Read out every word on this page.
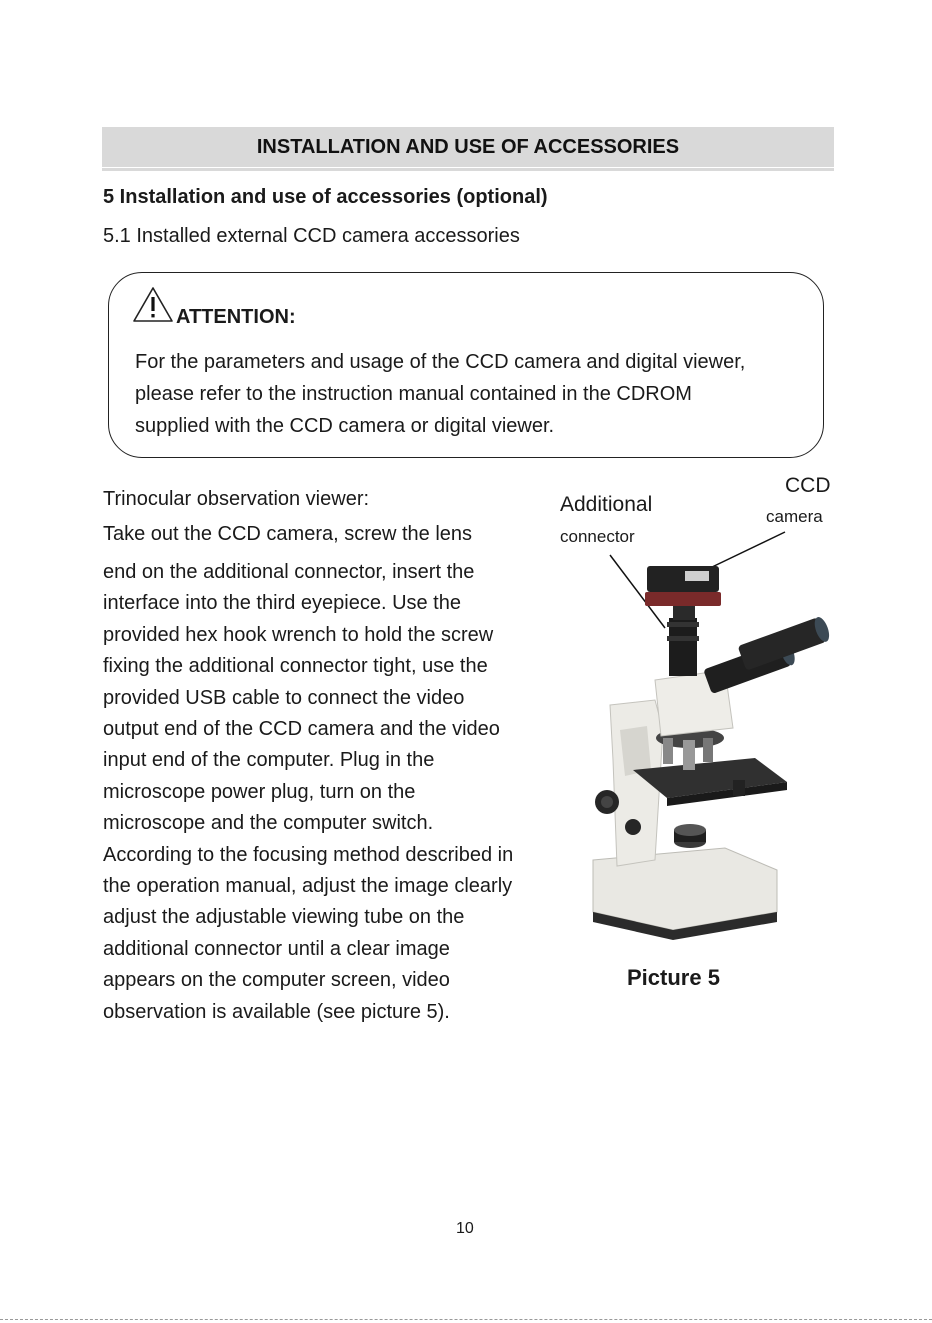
INSTALLATION AND USE OF ACCESSORIES
5 Installation and use of accessories (optional)
5.1 Installed external CCD camera accessories
ATTENTION:
For the parameters and usage of the CCD camera and digital viewer,
please refer to the instruction manual contained in the CDROM
supplied with the CCD camera or digital viewer.
Trinocular observation viewer:
Take out the CCD camera, screw the lens
end on the additional connector, insert the
interface into the third eyepiece. Use the
provided hex hook wrench to hold the screw
fixing the additional connector tight, use the
provided USB cable to connect the video
output end of the CCD camera and the video
input end of the computer. Plug in the
microscope power plug, turn on the
microscope and the computer switch.
According to the focusing method described in
the operation manual, adjust the image clearly
adjust the adjustable viewing tube on the
additional connector until a clear image
appears on the computer screen, video
observation is available (see picture 5).
Additional
connector
CCD
camera
Picture 5
10
